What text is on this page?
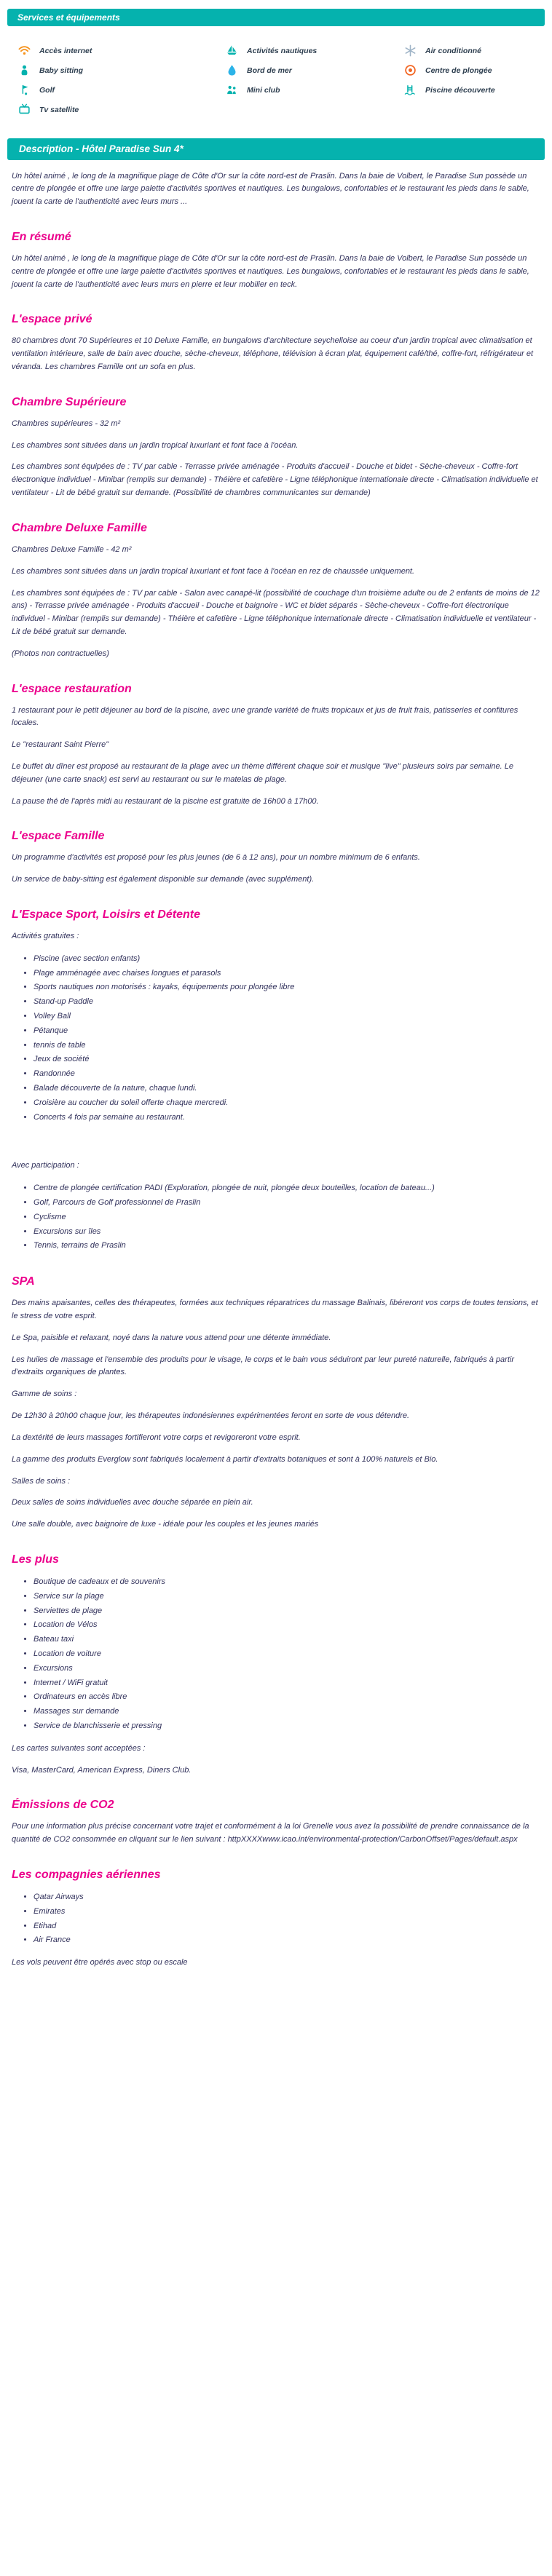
Services et équipements
Accès internet	Activités nautiques	Air conditionné
Baby sitting	Bord de mer	Centre de plongée
Golf	Mini club	Piscine découverte
Tv satellite
Description - Hôtel Paradise Sun 4*

Un hôtel animé , le long de la magnifique plage de Côte d'Or sur la côte nord-est de Praslin. Dans la baie de Volbert, le Paradise Sun possède un centre de plongée et offre une large palette d'activités sportives et nautiques. Les bungalows, confortables et le restaurant les pieds dans le sable, jouent la carte de l'authenticité avec leurs murs ...

En résumé

Un hôtel animé , le long de la magnifique plage de Côte d'Or sur la côte nord-est de Praslin. Dans la baie de Volbert, le Paradise Sun possède un centre de plongée et offre une large palette d'activités sportives et nautiques. Les bungalows, confortables et le restaurant les pieds dans le sable, jouent la carte de l'authenticité avec leurs murs en pierre et leur mobilier en teck.

L'espace privé

80 chambres dont 70 Supérieures et 10 Deluxe Famille, en bungalows d'architecture seychelloise au coeur d'un jardin tropical avec climatisation et ventilation intérieure, salle de bain avec douche, sèche-cheveux, téléphone, télévision à écran plat, équipement café/thé, coffre-fort, réfrigérateur et véranda. Les chambres Famille ont un sofa en plus.

Chambre Supérieure

Chambres supérieures - 32 m²

Les chambres sont situées dans un jardin tropical luxuriant et font face à l'océan.

Les chambres sont équipées de : TV par cable - Terrasse privée aménagée - Produits d'accueil - Douche et bidet - Sèche-cheveux - Coffre-fort électronique individuel - Minibar (remplis sur demande) - Théière et cafetière - Ligne téléphonique internationale directe - Climatisation individuelle et ventilateur - Lit de bébé gratuit sur demande. (Possibilité de chambres communicantes sur demande)

Chambre Deluxe Famille

Chambres Deluxe Famille - 42 m²

Les chambres sont situées dans un jardin tropical luxuriant et font face à l'océan en rez de chaussée uniquement.

Les chambres sont équipées de : TV par cable - Salon avec canapé-lit (possibilité de couchage d'un troisième adulte ou de 2 enfants de moins de 12 ans) - Terrasse privée aménagée - Produits d'accueil - Douche et baignoire - WC et bidet séparés - Sèche-cheveux - Coffre-fort électronique individuel - Minibar (remplis sur demande) - Théière et cafetière - Ligne téléphonique internationale directe - Climatisation individuelle et ventilateur - Lit de bébé gratuit sur demande.

(Photos non contractuelles)

L'espace restauration

1 restaurant pour le petit déjeuner au bord de la piscine, avec une grande variété de fruits tropicaux et jus de fruit frais, patisseries et confitures locales.

Le "restaurant Saint Pierre"

Le buffet du dîner est proposé au restaurant de la plage avec un thème différent chaque soir et musique "live" plusieurs soirs par semaine. Le déjeuner (une carte snack) est servi au restaurant ou sur le matelas de plage.

La pause thé de l'après midi au restaurant de la piscine est gratuite de 16h00 à 17h00.

L'espace Famille

Un programme d'activités est proposé pour les plus jeunes (de 6 à 12 ans), pour un nombre minimum de 6 enfants.

Un service de baby-sitting est également disponible sur demande (avec supplément).

L'Espace Sport, Loisirs et Détente

Activités gratuites :

• Piscine (avec section enfants)
• Plage amménagée avec chaises longues et parasols
• Sports nautiques non motorisés : kayaks, équipements pour plongée libre
• Stand-up Paddle
• Volley Ball
• Pétanque
• tennis de table
• Jeux de société
• Randonnée
• Balade découverte de la nature, chaque lundi.
• Croisière au coucher du soleil offerte chaque mercredi.
• Concerts 4 fois par semaine au restaurant.

Avec participation :

• Centre de plongée certification PADI (Exploration, plongée de nuit, plongée deux bouteilles, location de bateau...)
• Golf, Parcours de Golf professionnel de Praslin
• Cyclisme
• Excursions sur îles
• Tennis, terrains de Praslin
SPA

Des mains apaisantes, celles des thérapeutes, formées aux techniques réparatrices du massage Balinais, libéreront vos corps de toutes tensions, et le stress de votre esprit.

Le Spa, paisible et relaxant, noyé dans la nature vous attend pour une détente immédiate.

Les huiles de massage et l'ensemble des produits pour le visage, le corps et le bain vous séduiront par leur pureté naturelle, fabriqués à partir d'extraits organiques de plantes.

Gamme de soins :

De 12h30 à 20h00 chaque jour, les thérapeutes indonésiennes expérimentées feront en sorte de vous détendre.

La dextérité de leurs massages fortifieront votre corps et revigoreront votre esprit.

La gamme des produits Everglow sont fabriqués localement à partir d'extraits botaniques et sont à 100% naturels et Bio.

Salles de soins :

Deux salles de soins individuelles avec douche séparée en plein air.

Une salle double, avec baignoire de luxe - idéale pour les couples et les jeunes mariés

Les plus
• Boutique de cadeaux et de souvenirs
• Service sur la plage
• Serviettes de plage
• Location de Vélos
• Bateau taxi
• Location de voiture
• Excursions
• Internet / WiFi gratuit
• Ordinateurs en accès libre
• Massages sur demande
• Service de blanchisserie et pressing

Les cartes suivantes sont acceptées :

Visa, MasterCard, American Express, Diners Club.

Émissions de CO2

Pour une information plus précise concernant votre trajet et conformément à la loi Grenelle vous avez la possibilité de prendre connaissance de la quantité de CO2 consommée en cliquant sur le lien suivant : httpXXXXwww.icao.int/environmental-protection/CarbonOffset/Pages/default.aspx

Les compagnies aériennes
• Qatar Airways
• Emirates
• Etihad
• Air France

Les vols peuvent être opérés avec stop ou escale
